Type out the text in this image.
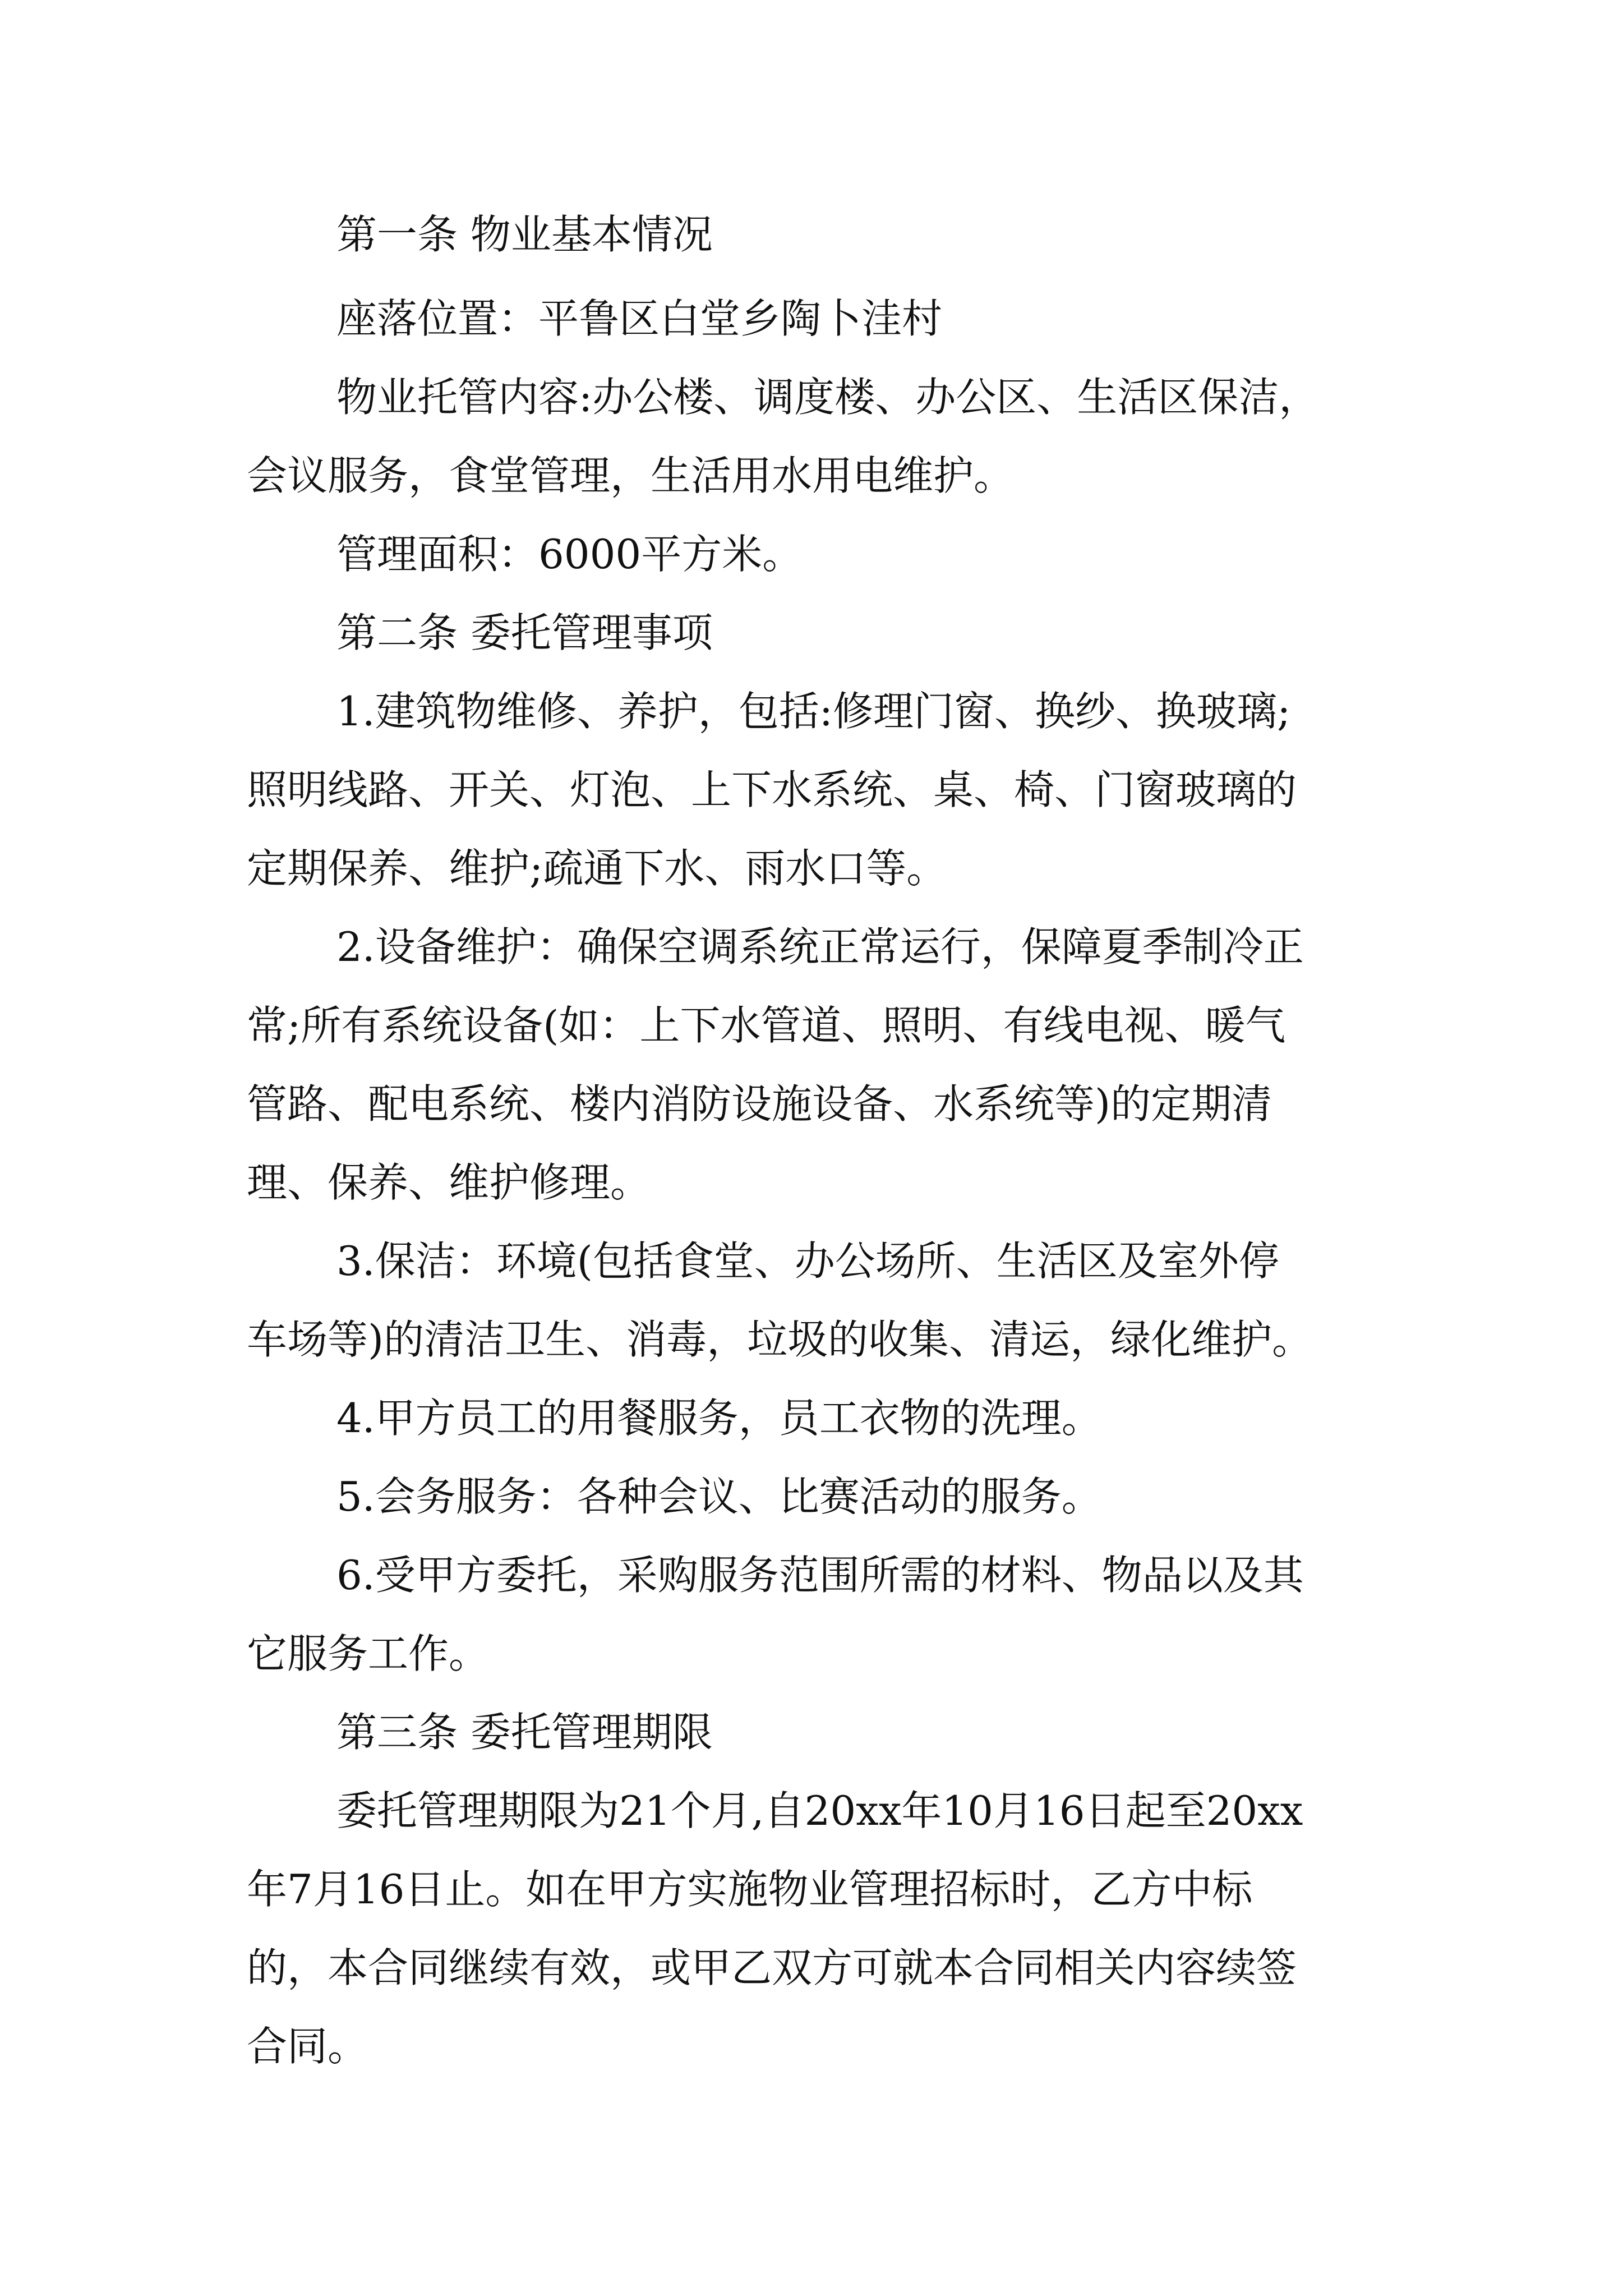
第一条 物业基本情况
座落位置：平鲁区白堂乡陶卜洼村
物业托管内容:办公楼、调度楼、办公区、生活区保洁，
会议服务，食堂管理，生活用水用电维护。
管理面积：6000平方米。
第二条 委托管理事项
1.建筑物维修、养护，包括:修理门窗、换纱、换玻璃;
照明线路、开关、灯泡、上下水系统、桌、椅、门窗玻璃的
定期保养、维护;疏通下水、雨水口等。
2.设备维护：确保空调系统正常运行，保障夏季制冷正
常;所有系统设备(如：上下水管道、照明、有线电视、暖气
管路、配电系统、楼内消防设施设备、水系统等)的定期清
理、保养、维护修理。
3.保洁：环境(包括食堂、办公场所、生活区及室外停
车场等)的清洁卫生、消毒，垃圾的收集、清运，绿化维护。
4.甲方员工的用餐服务，员工衣物的洗理。
5.会务服务：各种会议、比赛活动的服务。
6.受甲方委托，采购服务范围所需的材料、物品以及其
它服务工作。
第三条 委托管理期限
委托管理期限为21个月,自20xx年10月16日起至20xx
年7月16日止。如在甲方实施物业管理招标时，乙方中标
的，本合同继续有效，或甲乙双方可就本合同相关内容续签
合同。
